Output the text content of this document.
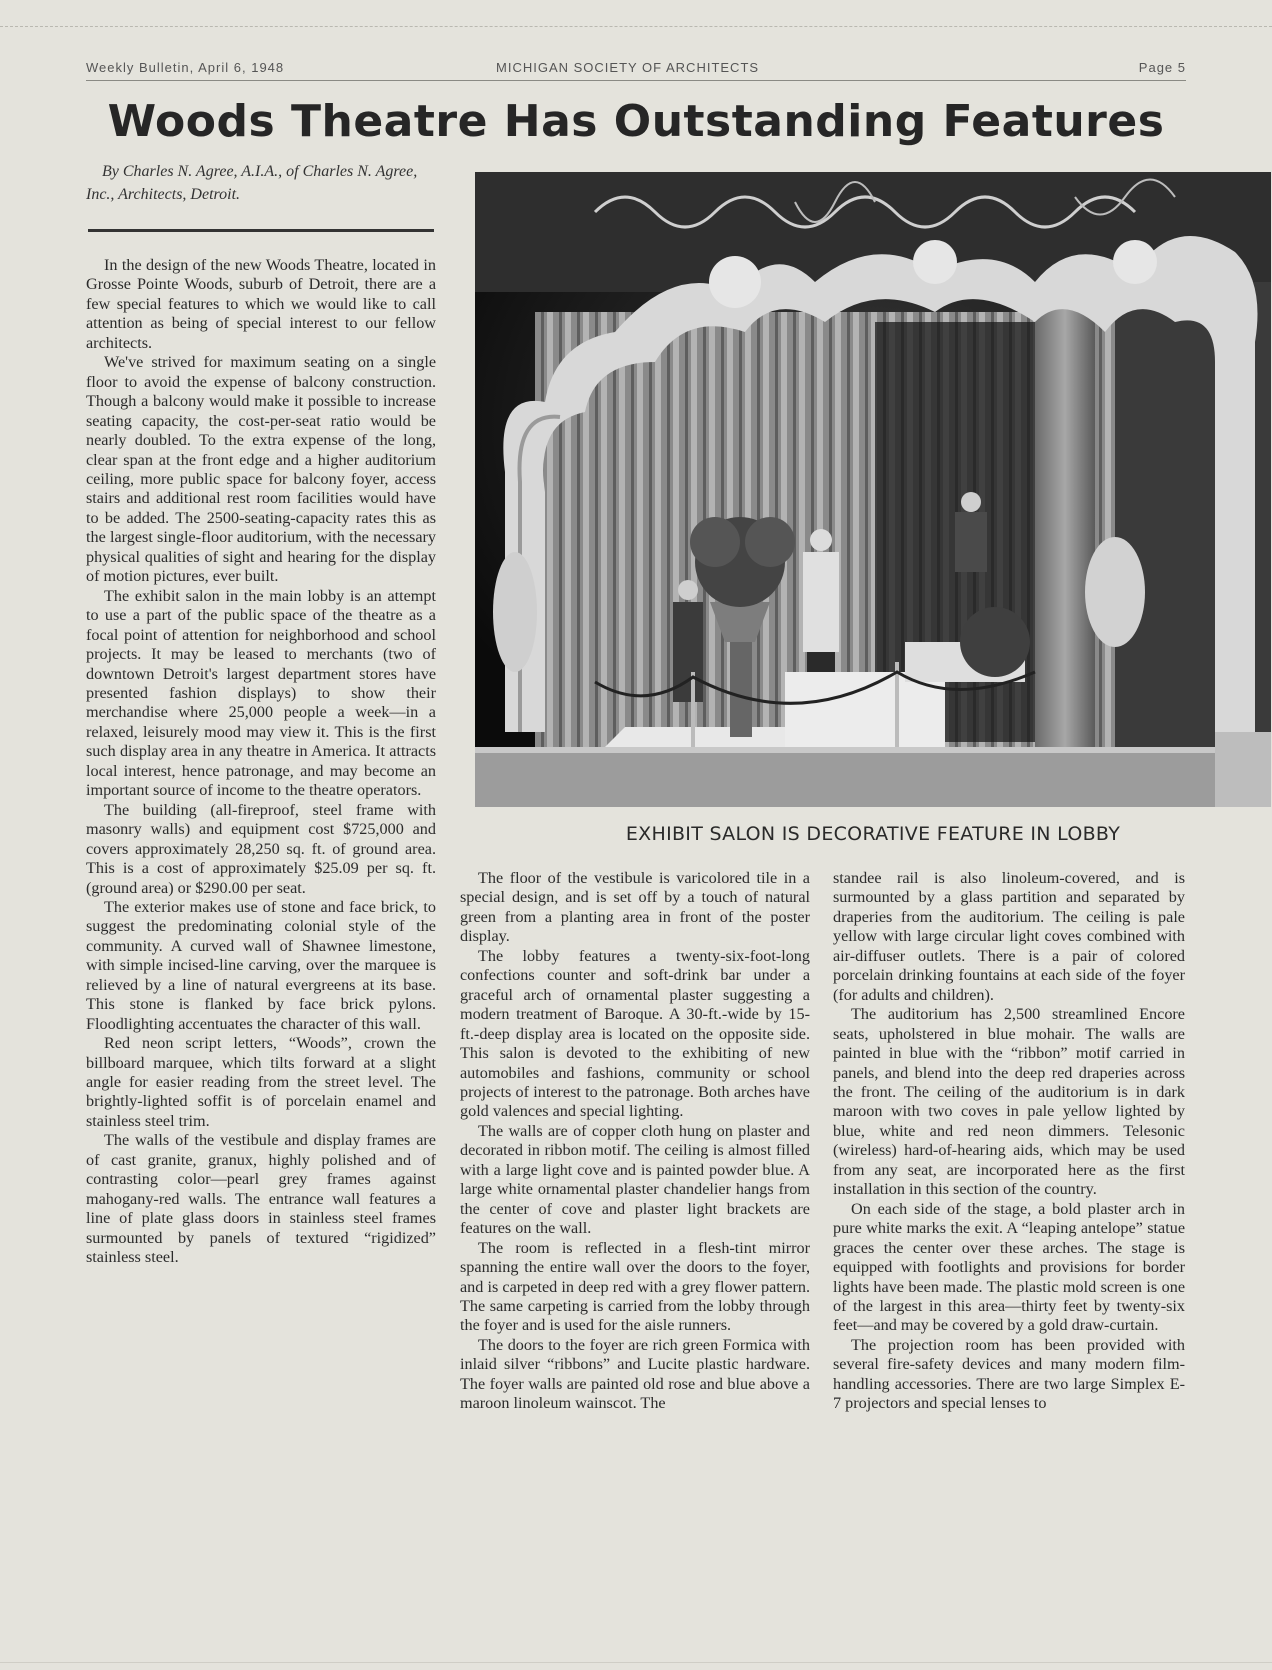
Weekly Bulletin, April 6, 1948	MICHIGAN SOCIETY OF ARCHITECTS	Page 5
Woods Theatre Has Outstanding Features

By Charles N. Agree, A.I.A., of Charles N. Agree, Inc., Architects, Detroit.

In the design of the new Woods Theatre, located in Grosse Pointe Woods, suburb of Detroit, there are a few special features to which we would like to call attention as being of special interest to our fellow architects.

We've strived for maximum seating on a single floor to avoid the expense of balcony construction. Though a balcony would make it possible to increase seating capacity, the cost-per-seat ratio would be nearly doubled. To the extra expense of the long, clear span at the front edge and a higher auditorium ceiling, more public space for balcony foyer, access stairs and additional rest room facilities would have to be added. The 2500-seating-capacity rates this as the largest single-floor auditorium, with the necessary physical qualities of sight and hearing for the display of motion pictures, ever built.

The exhibit salon in the main lobby is an attempt to use a part of the public space of the theatre as a focal point of attention for neighborhood and school projects. It may be leased to merchants (two of downtown Detroit's largest department stores have presented fashion displays) to show their merchandise where 25,000 people a week—in a relaxed, leisurely mood may view it. This is the first such display area in any theatre in America. It attracts local interest, hence patronage, and may become an important source of income to the theatre operators.

The building (all-fireproof, steel frame with masonry walls) and equipment cost $725,000 and covers approximately 28,250 sq. ft. of ground area. This is a cost of approximately $25.09 per sq. ft. (ground area) or $290.00 per seat.

The exterior makes use of stone and face brick, to suggest the predominating colonial style of the community. A curved wall of Shawnee limestone, with simple incised-line carving, over the marquee is relieved by a line of natural evergreens at its base. This stone is flanked by face brick pylons. Floodlighting accentuates the character of this wall.

Red neon script letters, “Woods”, crown the billboard marquee, which tilts forward at a slight angle for easier reading from the street level. The brightly-lighted soffit is of porcelain enamel and stainless steel trim.

The walls of the vestibule and display frames are of cast granite, granux, highly polished and of contrasting color—pearl grey frames against mahogany-red walls. The entrance wall features a line of plate glass doors in stainless steel frames surmounted by panels of textured “rigidized” stainless steel.

EXHIBIT SALON IS DECORATIVE FEATURE IN LOBBY

The floor of the vestibule is varicolored tile in a special design, and is set off by a touch of natural green from a planting area in front of the poster display.

The lobby features a twenty-six-foot-long confections counter and soft-drink bar under a graceful arch of ornamental plaster suggesting a modern treatment of Baroque. A 30-ft.-wide by 15-ft.-deep display area is located on the opposite side. This salon is devoted to the exhibiting of new automobiles and fashions, community or school projects of interest to the patronage. Both arches have gold valences and special lighting.

The walls are of copper cloth hung on plaster and decorated in ribbon motif. The ceiling is almost filled with a large light cove and is painted powder blue. A large white ornamental plaster chandelier hangs from the center of cove and plaster light brackets are features on the wall.

The room is reflected in a flesh-tint mirror spanning the entire wall over the doors to the foyer, and is carpeted in deep red with a grey flower pattern. The same carpeting is carried from the lobby through the foyer and is used for the aisle runners.

The doors to the foyer are rich green Formica with inlaid silver “ribbons” and Lucite plastic hardware. The foyer walls are painted old rose and blue above a maroon linoleum wainscot. The

standee rail is also linoleum-covered, and is surmounted by a glass partition and separated by draperies from the auditorium. The ceiling is pale yellow with large circular light coves combined with air-diffuser outlets. There is a pair of colored porcelain drinking fountains at each side of the foyer (for adults and children).

The auditorium has 2,500 streamlined Encore seats, upholstered in blue mohair. The walls are painted in blue with the “ribbon” motif carried in panels, and blend into the deep red draperies across the front. The ceiling of the auditorium is in dark maroon with two coves in pale yellow lighted by blue, white and red neon dimmers. Telesonic (wireless) hard-of-hearing aids, which may be used from any seat, are incorporated here as the first installation in this section of the country.

On each side of the stage, a bold plaster arch in pure white marks the exit. A “leaping antelope” statue graces the center over these arches. The stage is equipped with footlights and provisions for border lights have been made. The plastic mold screen is one of the largest in this area—thirty feet by twenty-six feet—and may be covered by a gold draw-curtain.

The projection room has been provided with several fire-safety devices and many modern film-handling accessories. There are two large Simplex E-7 projectors and special lenses to
